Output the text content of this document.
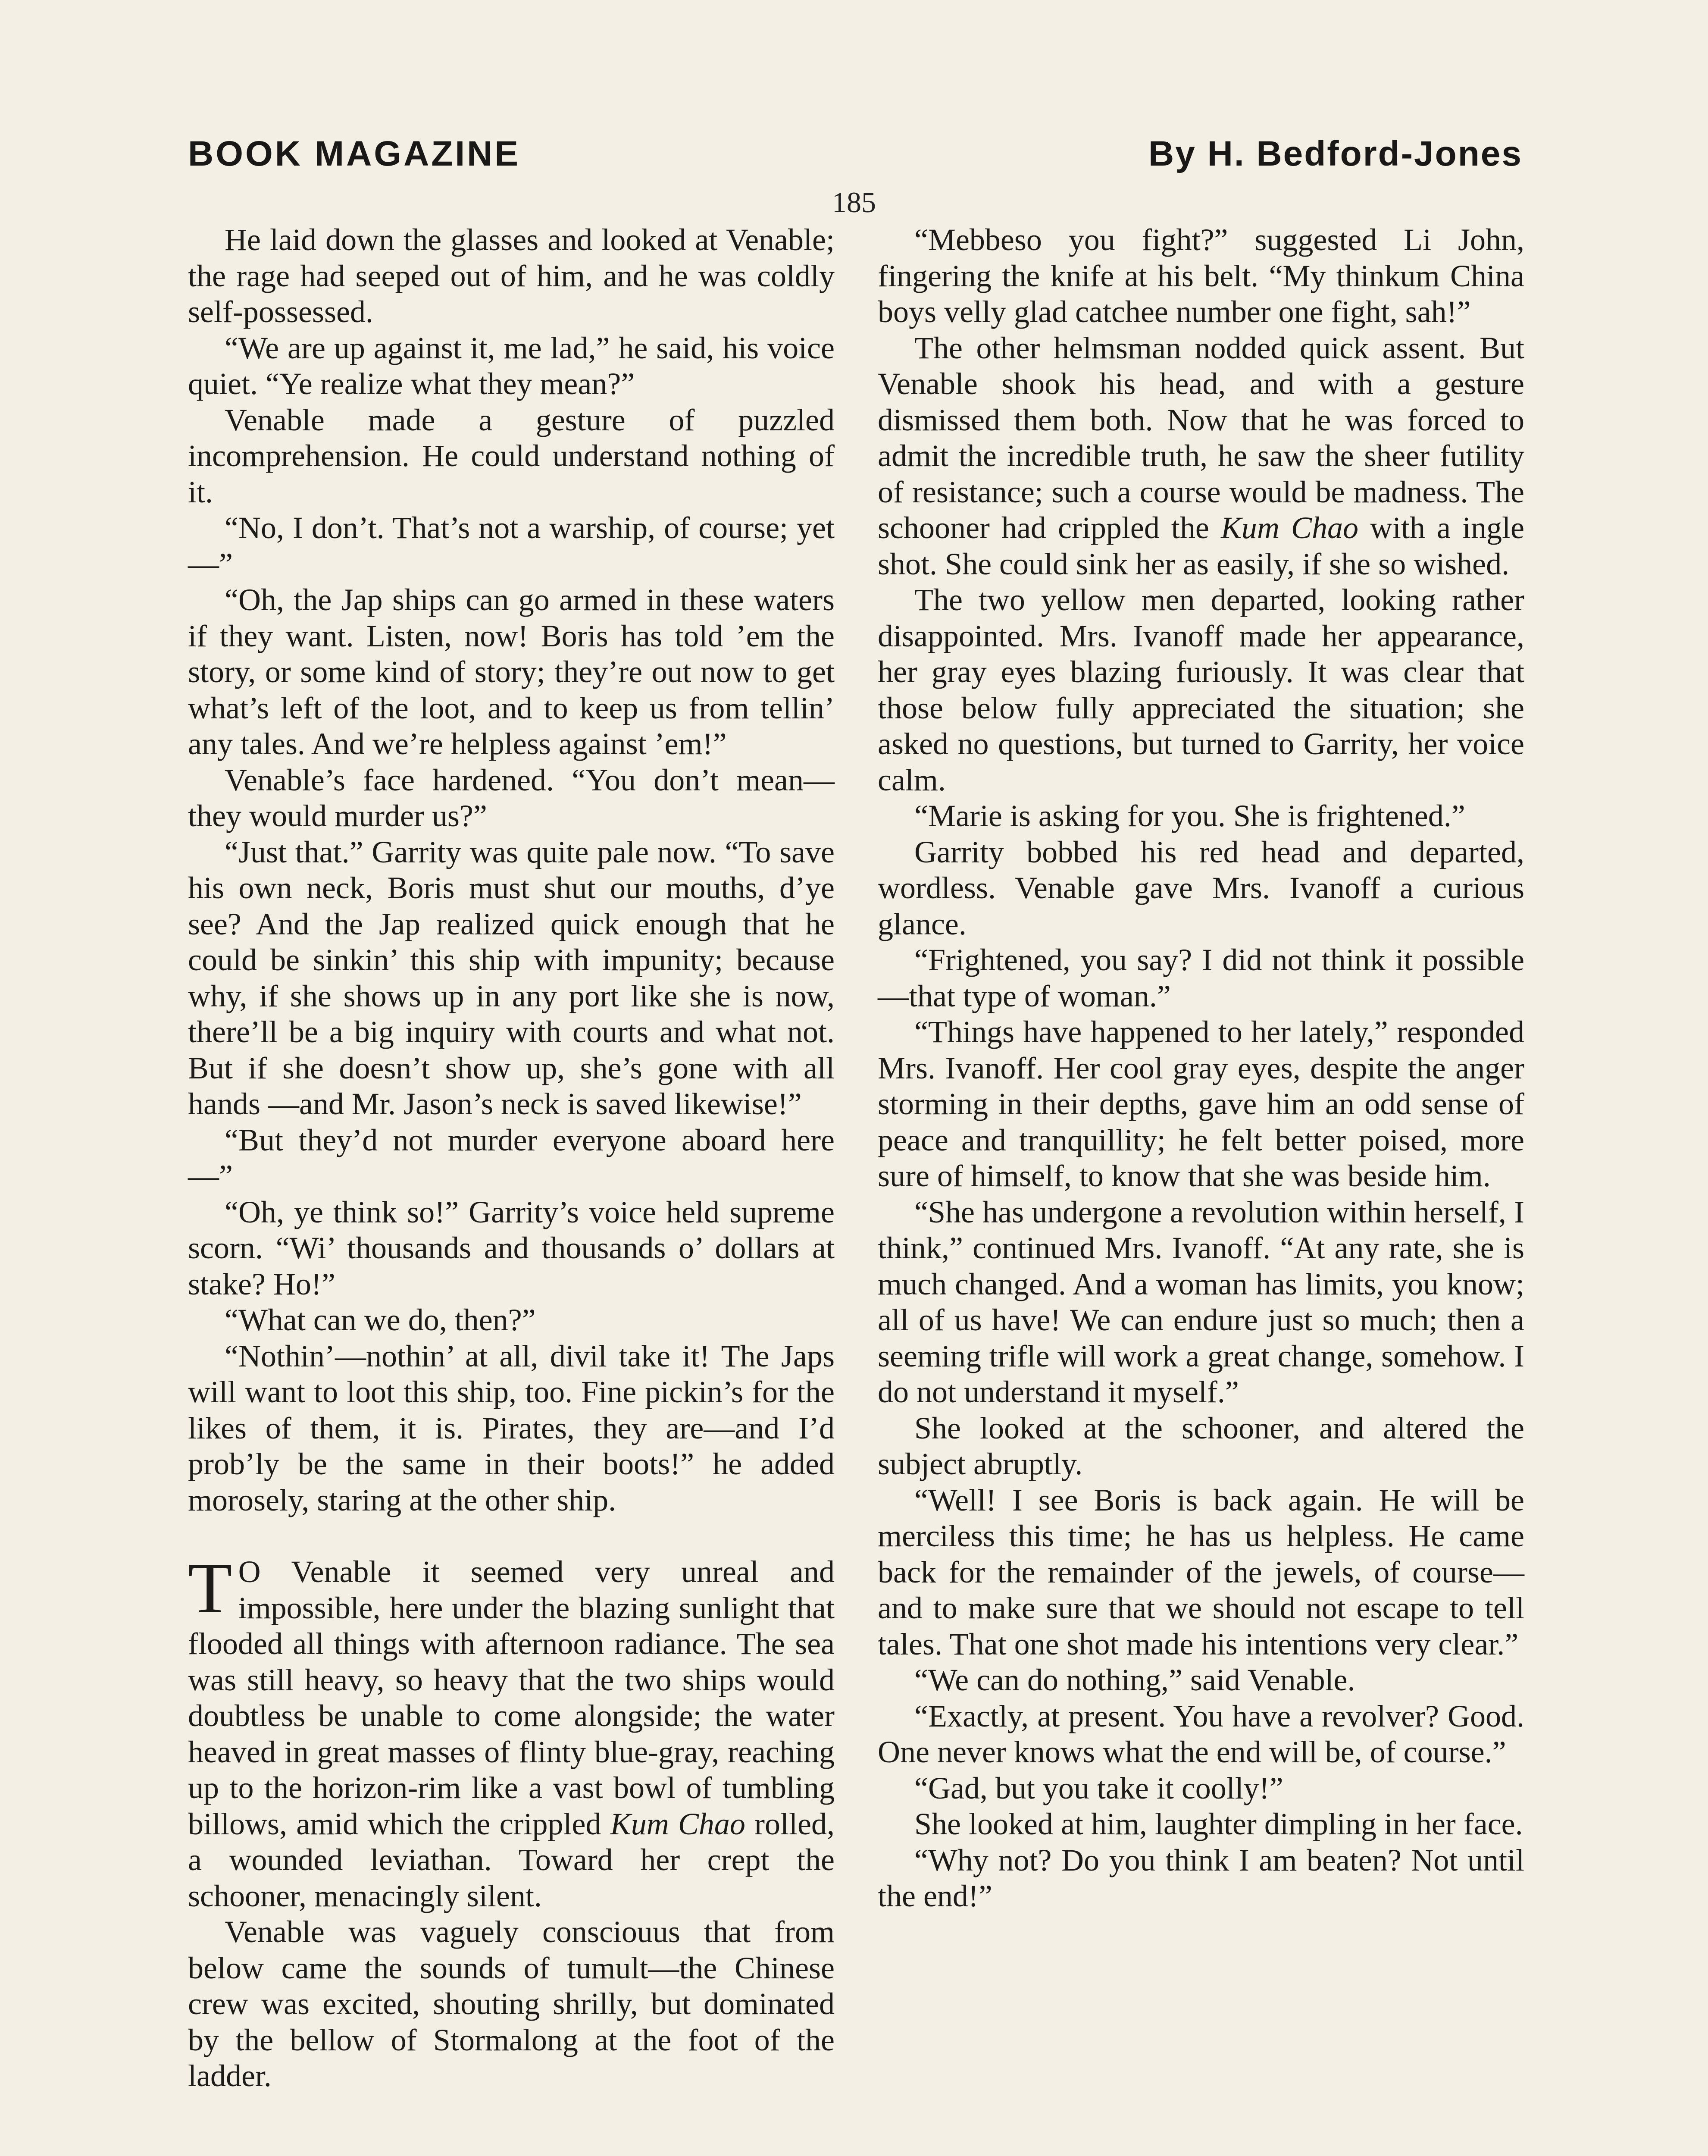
BOOK MAGAZINE	By H. Bedford-Jones
185

He laid down the glasses and looked at Venable; the rage had seeped out of him, and he was coldly self-possessed.

“We are up against it, me lad,” he said, his voice quiet. “Ye realize what they mean?”

Venable made a gesture of puzzled incomprehension. He could understand nothing of it.

“No, I don’t. That’s not a warship, of course; yet—”

“Oh, the Jap ships can go armed in these waters if they want. Listen, now! Boris has told ’em the story, or some kind of story; they’re out now to get what’s left of the loot, and to keep us from tellin’ any tales. And we’re helpless against ’em!”

Venable’s face hardened. “You don’t mean—they would murder us?”

“Just that.” Garrity was quite pale now. “To save his own neck, Boris must shut our mouths, d’ye see? And the Jap realized quick enough that he could be sinkin’ this ship with impunity; because why, if she shows up in any port like she is now, there’ll be a big inquiry with courts and what not. But if she doesn’t show up, she’s gone with all hands —and Mr. Jason’s neck is saved likewise!”

“But they’d not murder everyone aboard here—”

“Oh, ye think so!” Garrity’s voice held supreme scorn. “Wi’ thousands and thousands o’ dollars at stake? Ho!”

“What can we do, then?”

“Nothin’—nothin’ at all, divil take it! The Japs will want to loot this ship, too. Fine pickin’s for the likes of them, it is. Pirates, they are—and I’d prob’ly be the same in their boots!” he added morosely, staring at the other ship.

T O Venable it seemed very unreal and impossible, here under the blazing sunlight that flooded all things with afternoon radiance. The sea was still heavy, so heavy that the two ships would doubtless be unable to come alongside; the water heaved in great masses of flinty blue-gray, reaching up to the horizon-rim like a vast bowl of tumbling billows, amid which the crippled Kum Chao rolled, a wounded leviathan. Toward her crept the schooner, menacingly silent.

Venable was vaguely consciouus that from below came the sounds of tumult—the Chinese crew was excited, shouting shrilly, but dominated by the bellow of Stormalong at the foot of the ladder.

“Mebbeso you fight?” suggested Li John, fingering the knife at his belt. “My thinkum China boys velly glad catchee number one fight, sah!”

The other helmsman nodded quick assent. But Venable shook his head, and with a gesture dismissed them both. Now that he was forced to admit the incredible truth, he saw the sheer futility of resistance; such a course would be madness. The schooner had crippled the Kum Chao with a ingle shot. She could sink her as easily, if she so wished.

The two yellow men departed, looking rather disappointed. Mrs. Ivanoff made her appearance, her gray eyes blazing furiously. It was clear that those below fully appreciated the situation; she asked no questions, but turned to Garrity, her voice calm.

“Marie is asking for you. She is frightened.”

Garrity bobbed his red head and departed, wordless. Venable gave Mrs. Ivanoff a curious glance.

“Frightened, you say? I did not think it possible—that type of woman.”

“Things have happened to her lately,” responded Mrs. Ivanoff. Her cool gray eyes, despite the anger storming in their depths, gave him an odd sense of peace and tranquillity; he felt better poised, more sure of himself, to know that she was beside him.

“She has undergone a revolution within herself, I think,” continued Mrs. Ivanoff. “At any rate, she is much changed. And a woman has limits, you know; all of us have! We can endure just so much; then a seeming trifle will work a great change, somehow. I do not understand it myself.”

She looked at the schooner, and altered the subject abruptly.

“Well! I see Boris is back again. He will be merciless this time; he has us helpless. He came back for the remainder of the jewels, of course—and to make sure that we should not escape to tell tales. That one shot made his intentions very clear.”

“We can do nothing,” said Venable.

“Exactly, at present. You have a revolver? Good. One never knows what the end will be, of course.”

“Gad, but you take it coolly!”

She looked at him, laughter dimpling in her face.

“Why not? Do you think I am beaten? Not until the end!”
